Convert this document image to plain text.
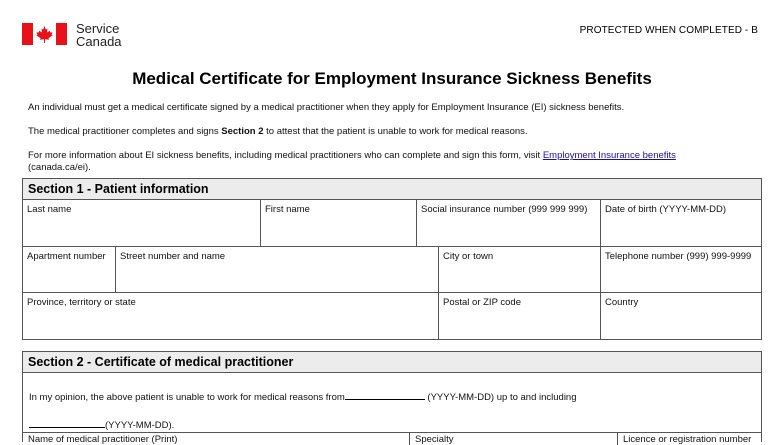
Service
Canada
PROTECTED WHEN COMPLETED - B
Medical Certificate for Employment Insurance Sickness Benefits
An individual must get a medical certificate signed by a medical practitioner when they apply for Employment Insurance (EI) sickness benefits.
The medical practitioner completes and signs Section 2 to attest that the patient is unable to work for medical reasons.
For more information about EI sickness benefits, including medical practitioners who can complete and sign this form, visit Employment Insurance benefits
(canada.ca/ei).
Section 1 - Patient information
Last name	First name	Social insurance number (999 999 999)	Date of birth (YYYY-MM-DD)
Apartment number	Street number and name	City or town	Telephone number (999) 999-9999
Province, territory or state	Postal or ZIP code	Country
Section 2 - Certificate of medical practitioner
In my opinion, the above patient is unable to work for medical reasons from	(YYYY-MM-DD) up to and including
(YYYY-MM-DD).
Name of medical practitioner (Print)	Specialty	Licence or registration number
